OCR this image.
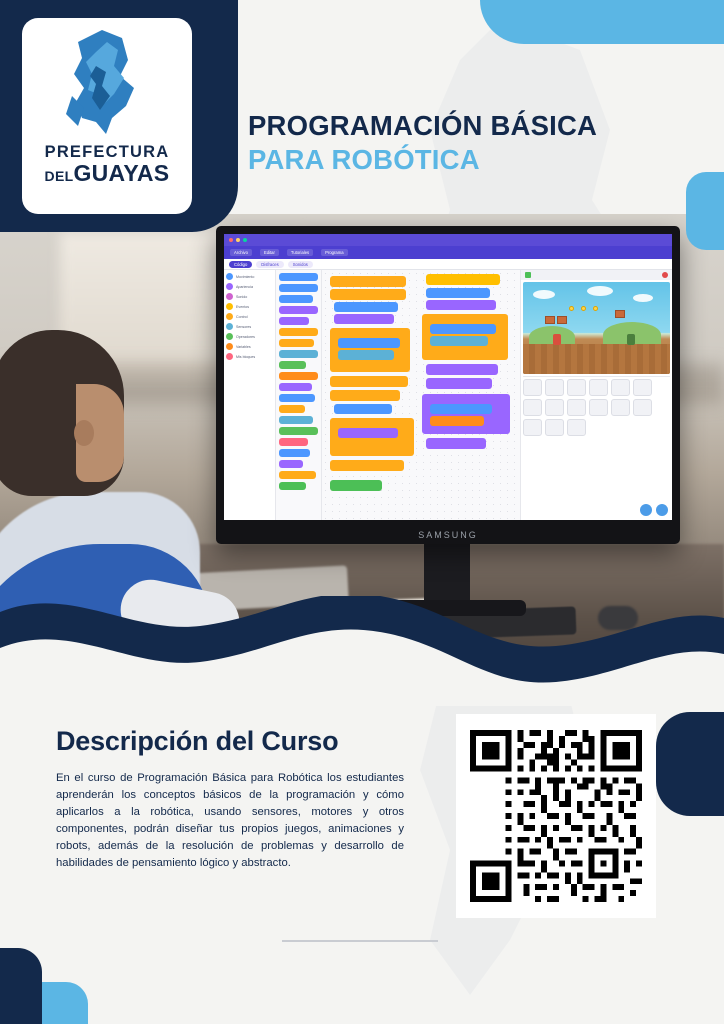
PREFECTURA
DELGUAYAS
PROGRAMACIÓN BÁSICA
PARA ROBÓTICA
Archivo	Editar	Tutoriales	Programa
Código	Disfraces	Sonidos
Movimiento
Apariencia
Sonido
Eventos
Control
Sensores
Operadores
Variables
Mis bloques
SAMSUNG
Descripción del Curso
En el curso de Programación Básica para Robótica los estudiantes aprenderán los conceptos básicos de la programación y cómo aplicarlos a la robótica, usando sensores, motores y otros componentes, podrán diseñar tus propios juegos, animaciones y robots, además de la resolución de problemas y desarrollo de habilidades de pensamiento lógico y abstracto.
